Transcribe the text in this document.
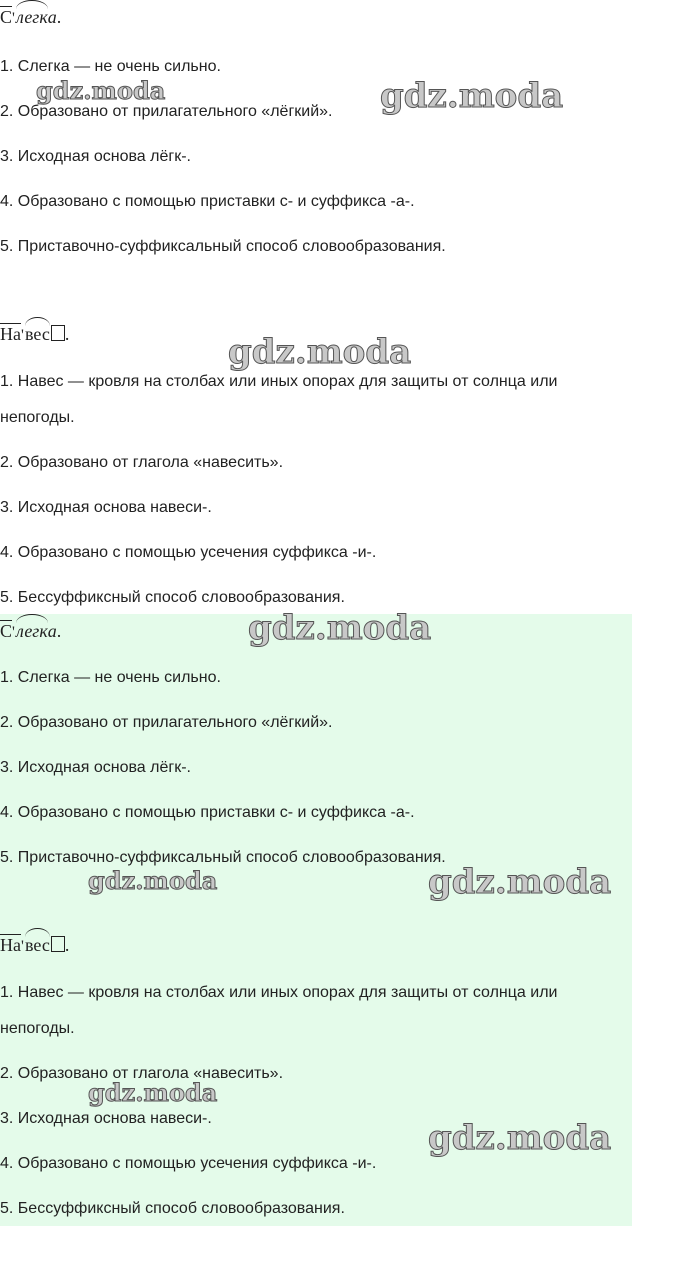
С'легка.
1. Слегка — не очень сильно.
2. Образовано от прилагательного «лёгкий».
3. Исходная основа лёгк-.
4. Образовано с помощью приставки с- и суффикса -а-.
5. Приставочно-суффиксальный способ словообразования.
На'вес .
1. Навес — кровля на столбах или иных опорах для защиты от солнца или
непогоды.
2. Образовано от глагола «навесить».
3. Исходная основа навеси-.
4. Образовано с помощью усечения суффикса -и-.
5. Бессуффиксный способ словообразования.
С'легка.
1. Слегка — не очень сильно.
2. Образовано от прилагательного «лёгкий».
3. Исходная основа лёгк-.
4. Образовано с помощью приставки с- и суффикса -а-.
5. Приставочно-суффиксальный способ словообразования.
На'вес .
1. Навес — кровля на столбах или иных опорах для защиты от солнца или
непогоды.
2. Образовано от глагола «навесить».
3. Исходная основа навеси-.
4. Образовано с помощью усечения суффикса -и-.
5. Бессуффиксный способ словообразования.
gdz.moda	gdz.moda
gdz.moda
gdz.moda
gdz.moda	gdz.moda
gdz.moda
gdz.moda
